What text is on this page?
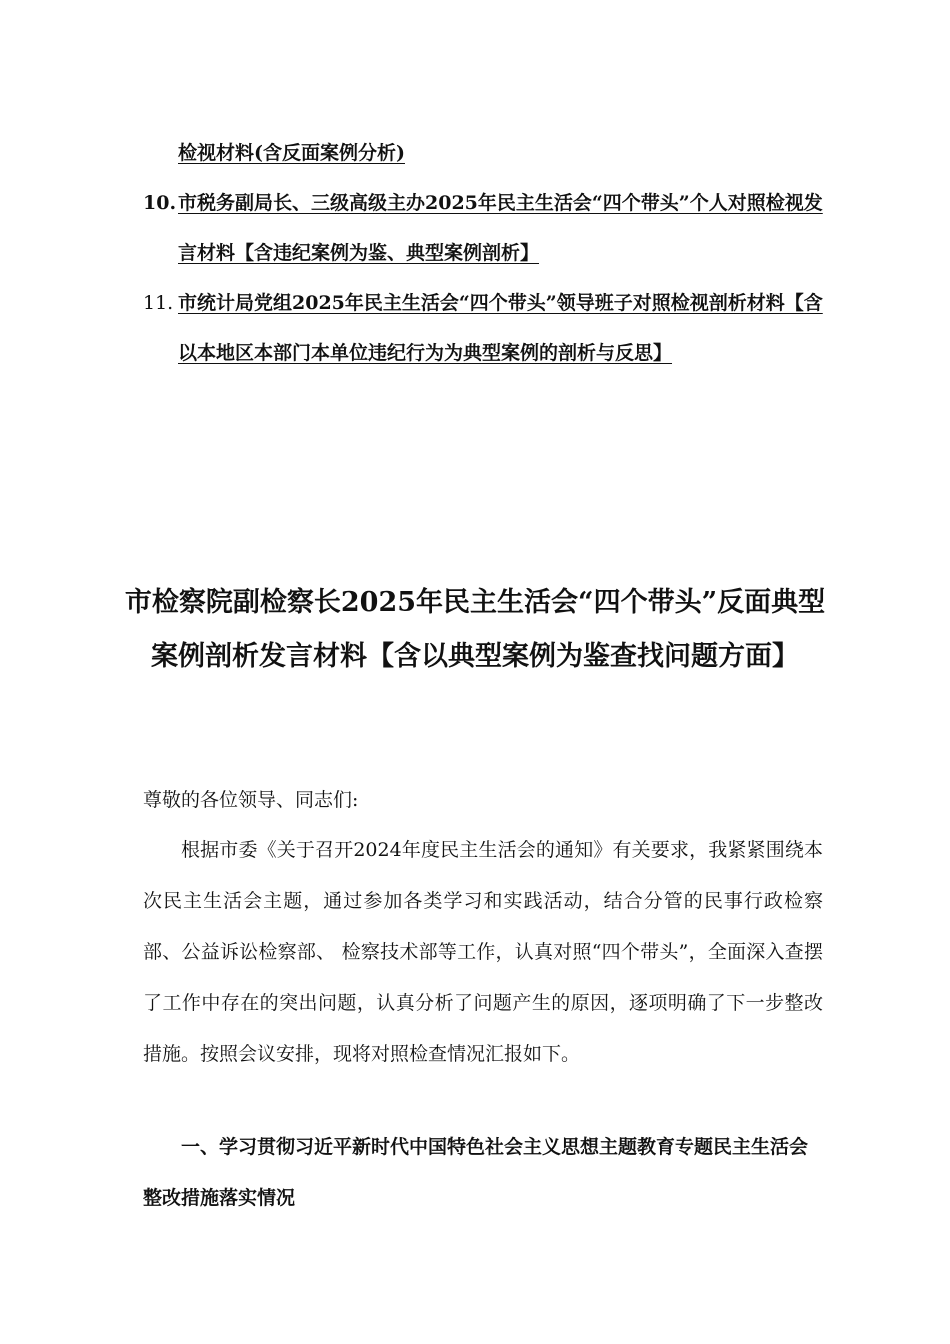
检视材料(含反面案例分析)
10. 市税务副局长、三级高级主办2025年民主生活会“四个带头”个人对照检视发言材料【含违纪案例为鉴、典型案例剖析】
11. 市统计局党组2025年民主生活会“四个带头”领导班子对照检视剖析材料【含以本地区本部门本单位违纪行为为典型案例的剖析与反思】
市检察院副检察长2025年民主生活会“四个带头”反面典型案例剖析发言材料【含以典型案例为鉴查找问题方面】
尊敬的各位领导、同志们:
根据市委《关于召开2024年度民主生活会的通知》有关要求，我紧紧围绕本次民主生活会主题，通过参加各类学习和实践活动，结合分管的民事行政检察部、公益诉讼检察部、 检察技术部等工作，认真对照“四个带头”，全面深入查摆了工作中存在的突出问题，认真分析了问题产生的原因，逐项明确了下一步整改措施。按照会议安排，现将对照检查情况汇报如下。
一、学习贯彻习近平新时代中国特色社会主义思想主题教育专题民主生活会整改措施落实情况
